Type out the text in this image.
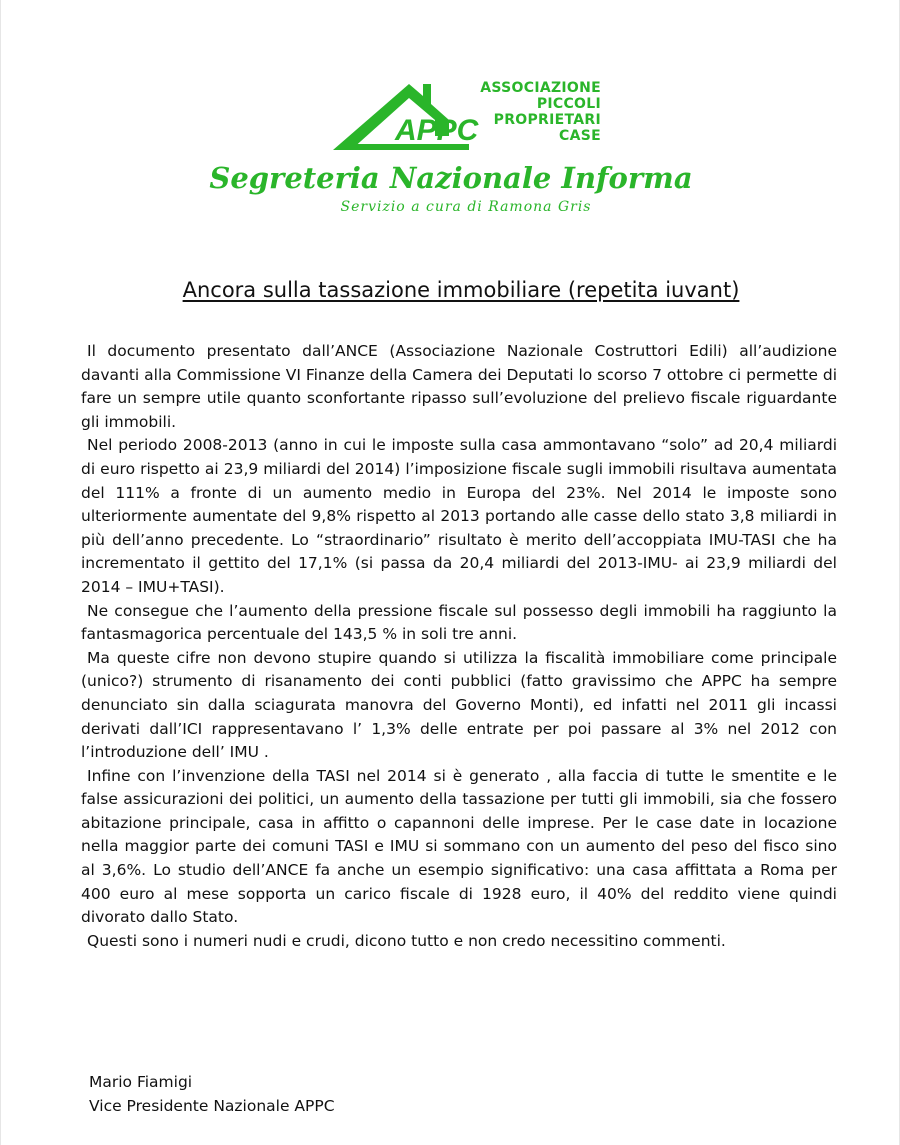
APPC
ASSOCIAZIONE
PICCOLI
PROPRIETARI
CASE
Segreteria Nazionale Informa
Servizio a cura di Ramona Gris
Ancora sulla tassazione immobiliare (repetita iuvant)

Il documento presentato dall’ANCE (Associazione Nazionale Costruttori Edili) all’audizione davanti alla Commissione VI Finanze della Camera dei Deputati lo scorso 7 ottobre ci permette di fare un sempre utile quanto sconfortante ripasso sull’evoluzione del prelievo fiscale riguardante gli immobili.

Nel periodo 2008-2013 (anno in cui le imposte sulla casa ammontavano “solo” ad 20,4 miliardi di euro rispetto ai 23,9 miliardi del 2014) l’imposizione fiscale sugli immobili risultava aumentata del 111% a fronte di un aumento medio in Europa del 23%. Nel 2014 le imposte sono ulteriormente aumentate del 9,8% rispetto al 2013 portando alle casse dello stato 3,8 miliardi in più dell’anno precedente. Lo “straordinario” risultato è merito dell’accoppiata IMU-TASI che ha incrementato il gettito del 17,1% (si passa da 20,4 miliardi del 2013-IMU- ai 23,9 miliardi del 2014 – IMU+TASI).

Ne consegue che l’aumento della pressione fiscale sul possesso degli immobili ha raggiunto la fantasmagorica percentuale del 143,5 % in soli tre anni.

Ma queste cifre non devono stupire quando si utilizza la fiscalità immobiliare come principale (unico?) strumento di risanamento dei conti pubblici (fatto gravissimo che APPC ha sempre denunciato sin dalla sciagurata manovra del Governo Monti), ed infatti nel 2011 gli incassi derivati dall’ICI rappresentavano l’ 1,3% delle entrate per poi passare al 3% nel 2012 con l’introduzione dell’ IMU .

Infine con l’invenzione della TASI nel 2014 si è generato , alla faccia di tutte le smentite e le false assicurazioni dei politici, un aumento della tassazione per tutti gli immobili, sia che fossero abitazione principale, casa in affitto o capannoni delle imprese. Per le case date in locazione nella maggior parte dei comuni TASI e IMU si sommano con un aumento del peso del fisco sino al 3,6%. Lo studio dell’ANCE fa anche un esempio significativo: una casa affittata a Roma per 400 euro al mese sopporta un carico fiscale di 1928 euro, il 40% del reddito viene quindi divorato dallo Stato.

Questi sono i numeri nudi e crudi, dicono tutto e non credo necessitino commenti.

Mario Fiamigi
Vice Presidente Nazionale APPC
